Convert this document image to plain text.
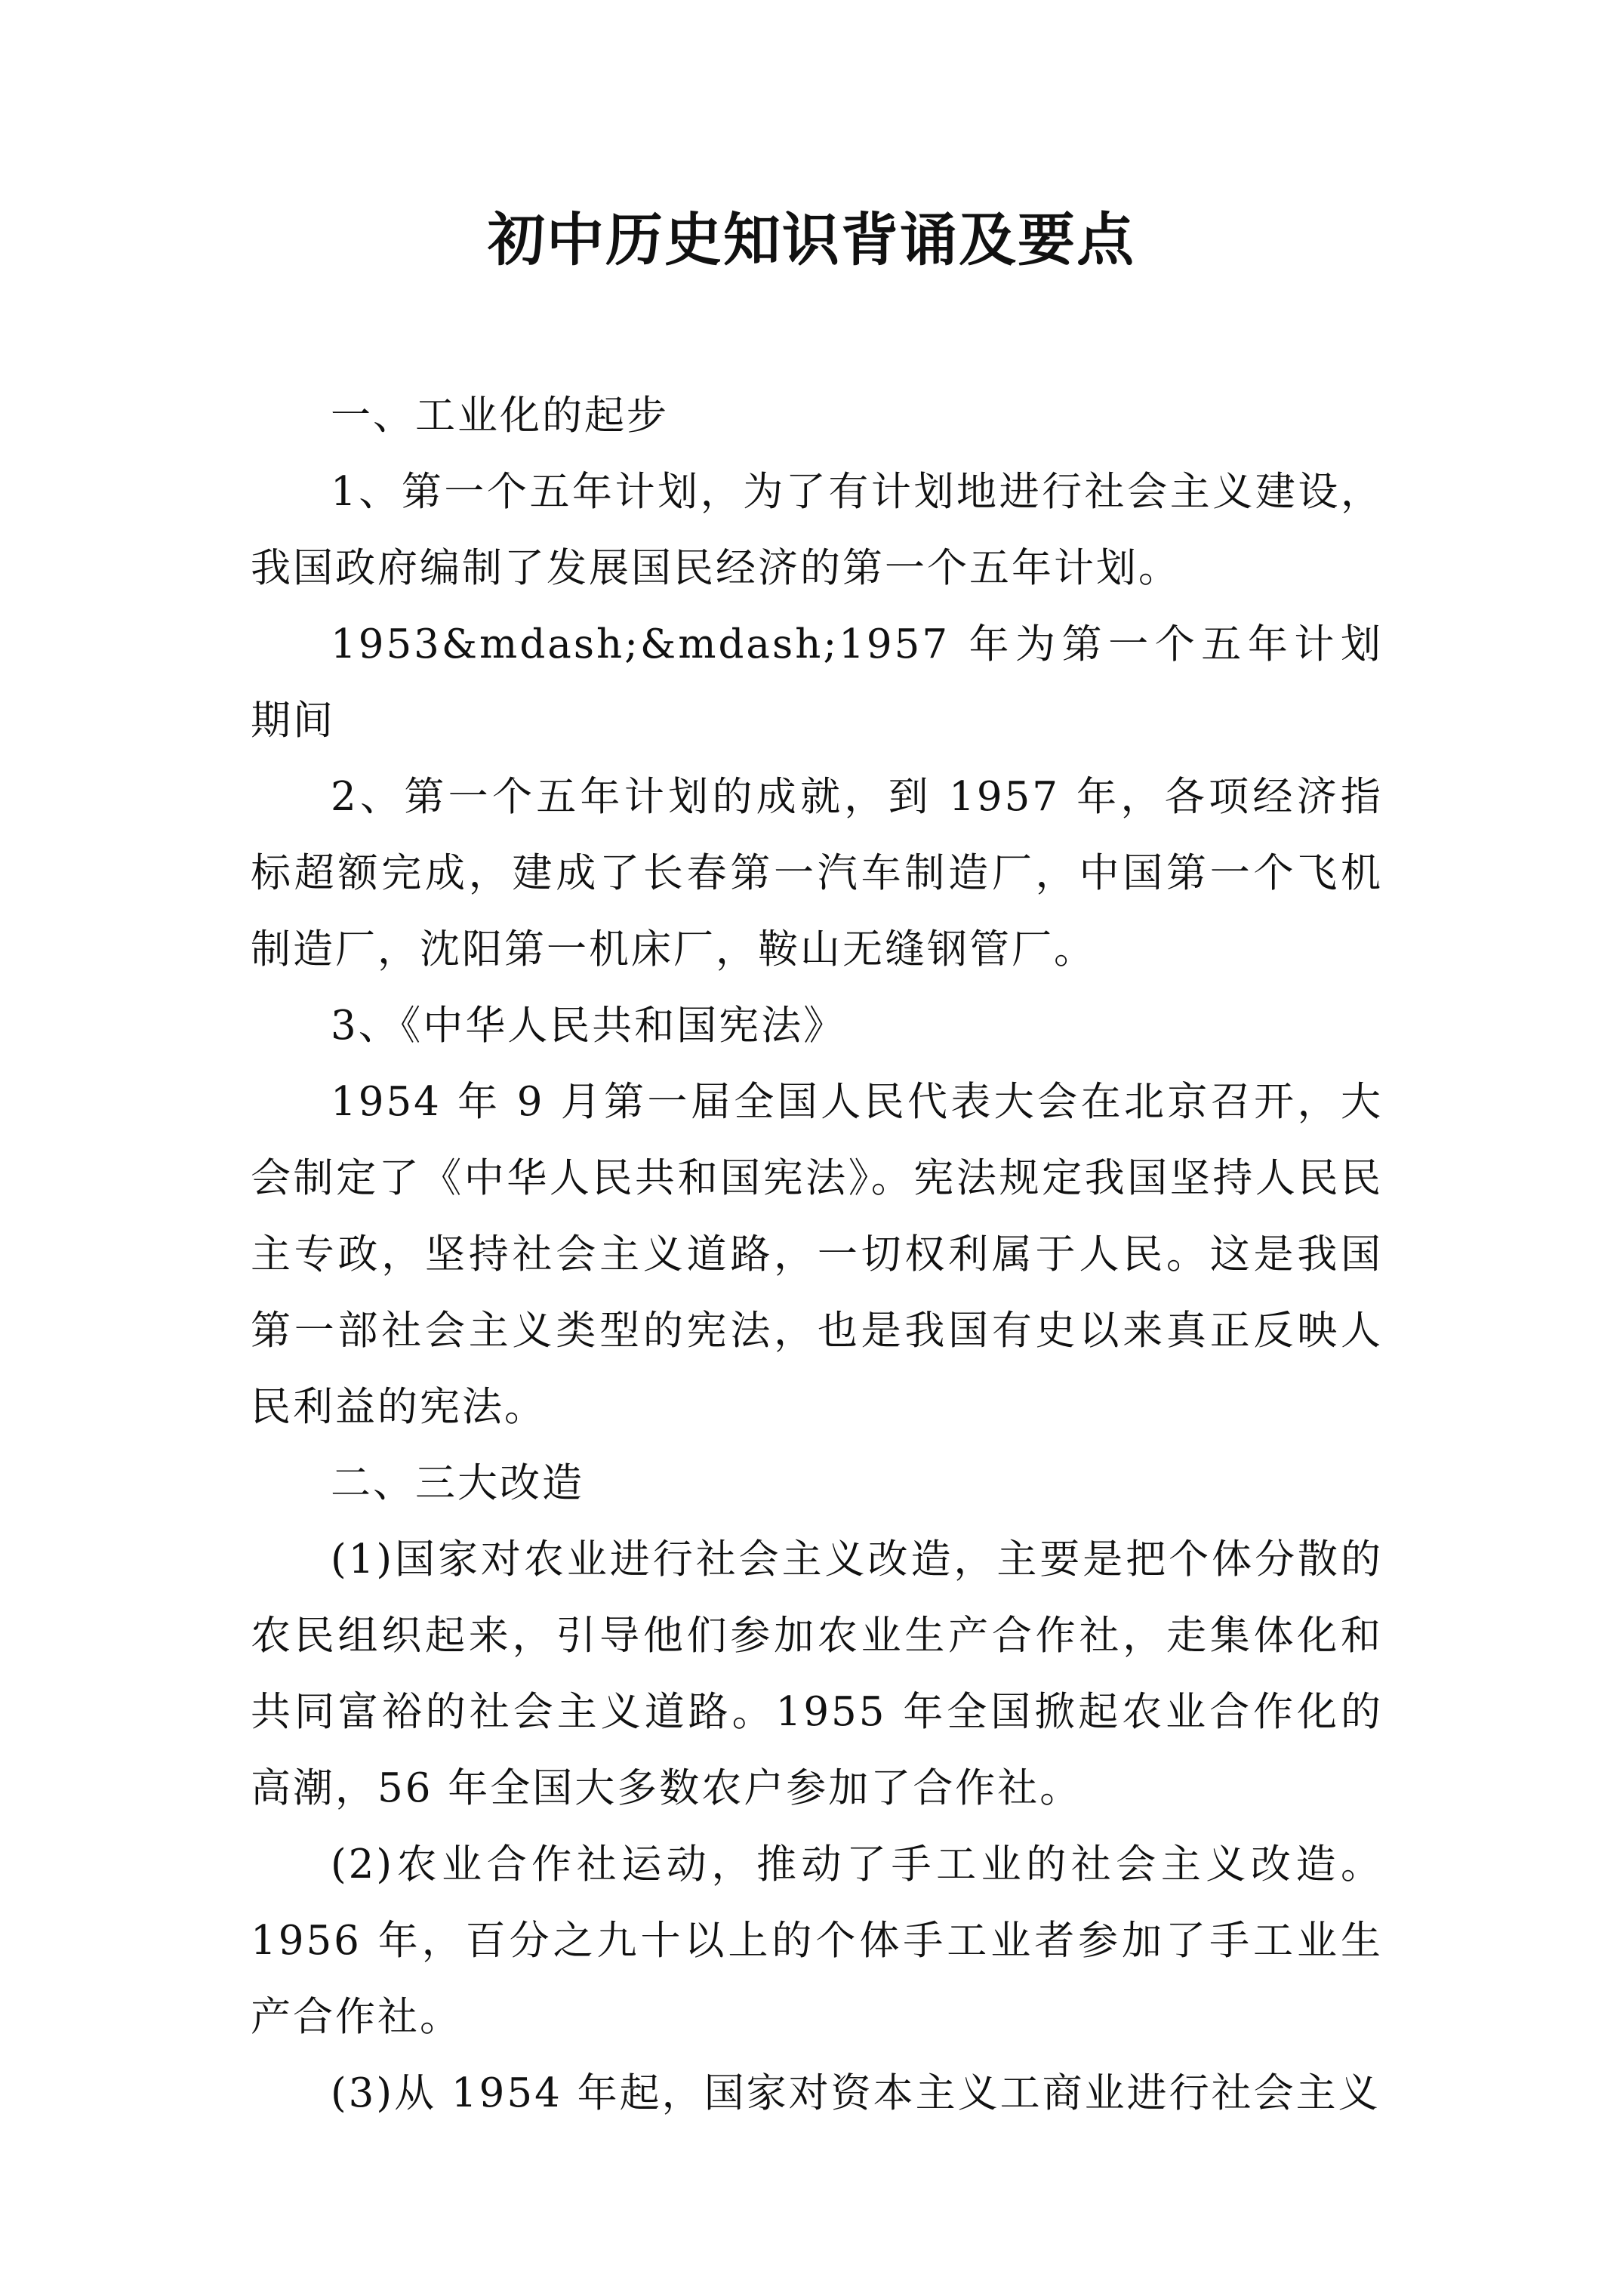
初中历史知识背诵及要点

一、工业化的起步

1、第一个五年计划，为了有计划地进行社会主义建设，我国政府编制了发展国民经济的第一个五年计划。

1953&mdash;&mdash;1957 年为第一个五年计划期间

2、第一个五年计划的成就，到 1957 年，各项经济指标超额完成，建成了长春第一汽车制造厂，中国第一个飞机制造厂，沈阳第一机床厂，鞍山无缝钢管厂。

3、《中华人民共和国宪法》

1954 年 9 月第一届全国人民代表大会在北京召开，大会制定了《中华人民共和国宪法》。宪法规定我国坚持人民民主专政，坚持社会主义道路，一切权利属于人民。这是我国第一部社会主义类型的宪法，也是我国有史以来真正反映人民利益的宪法。

二、三大改造

(1)国家对农业进行社会主义改造，主要是把个体分散的农民组织起来，引导他们参加农业生产合作社，走集体化和共同富裕的社会主义道路。1955 年全国掀起农业合作化的高潮，56 年全国大多数农户参加了合作社。

(2)农业合作社运动，推动了手工业的社会主义改造。1956 年，百分之九十以上的个体手工业者参加了手工业生产合作社。

(3)从 1954 年起，国家对资本主义工商业进行社会主义
